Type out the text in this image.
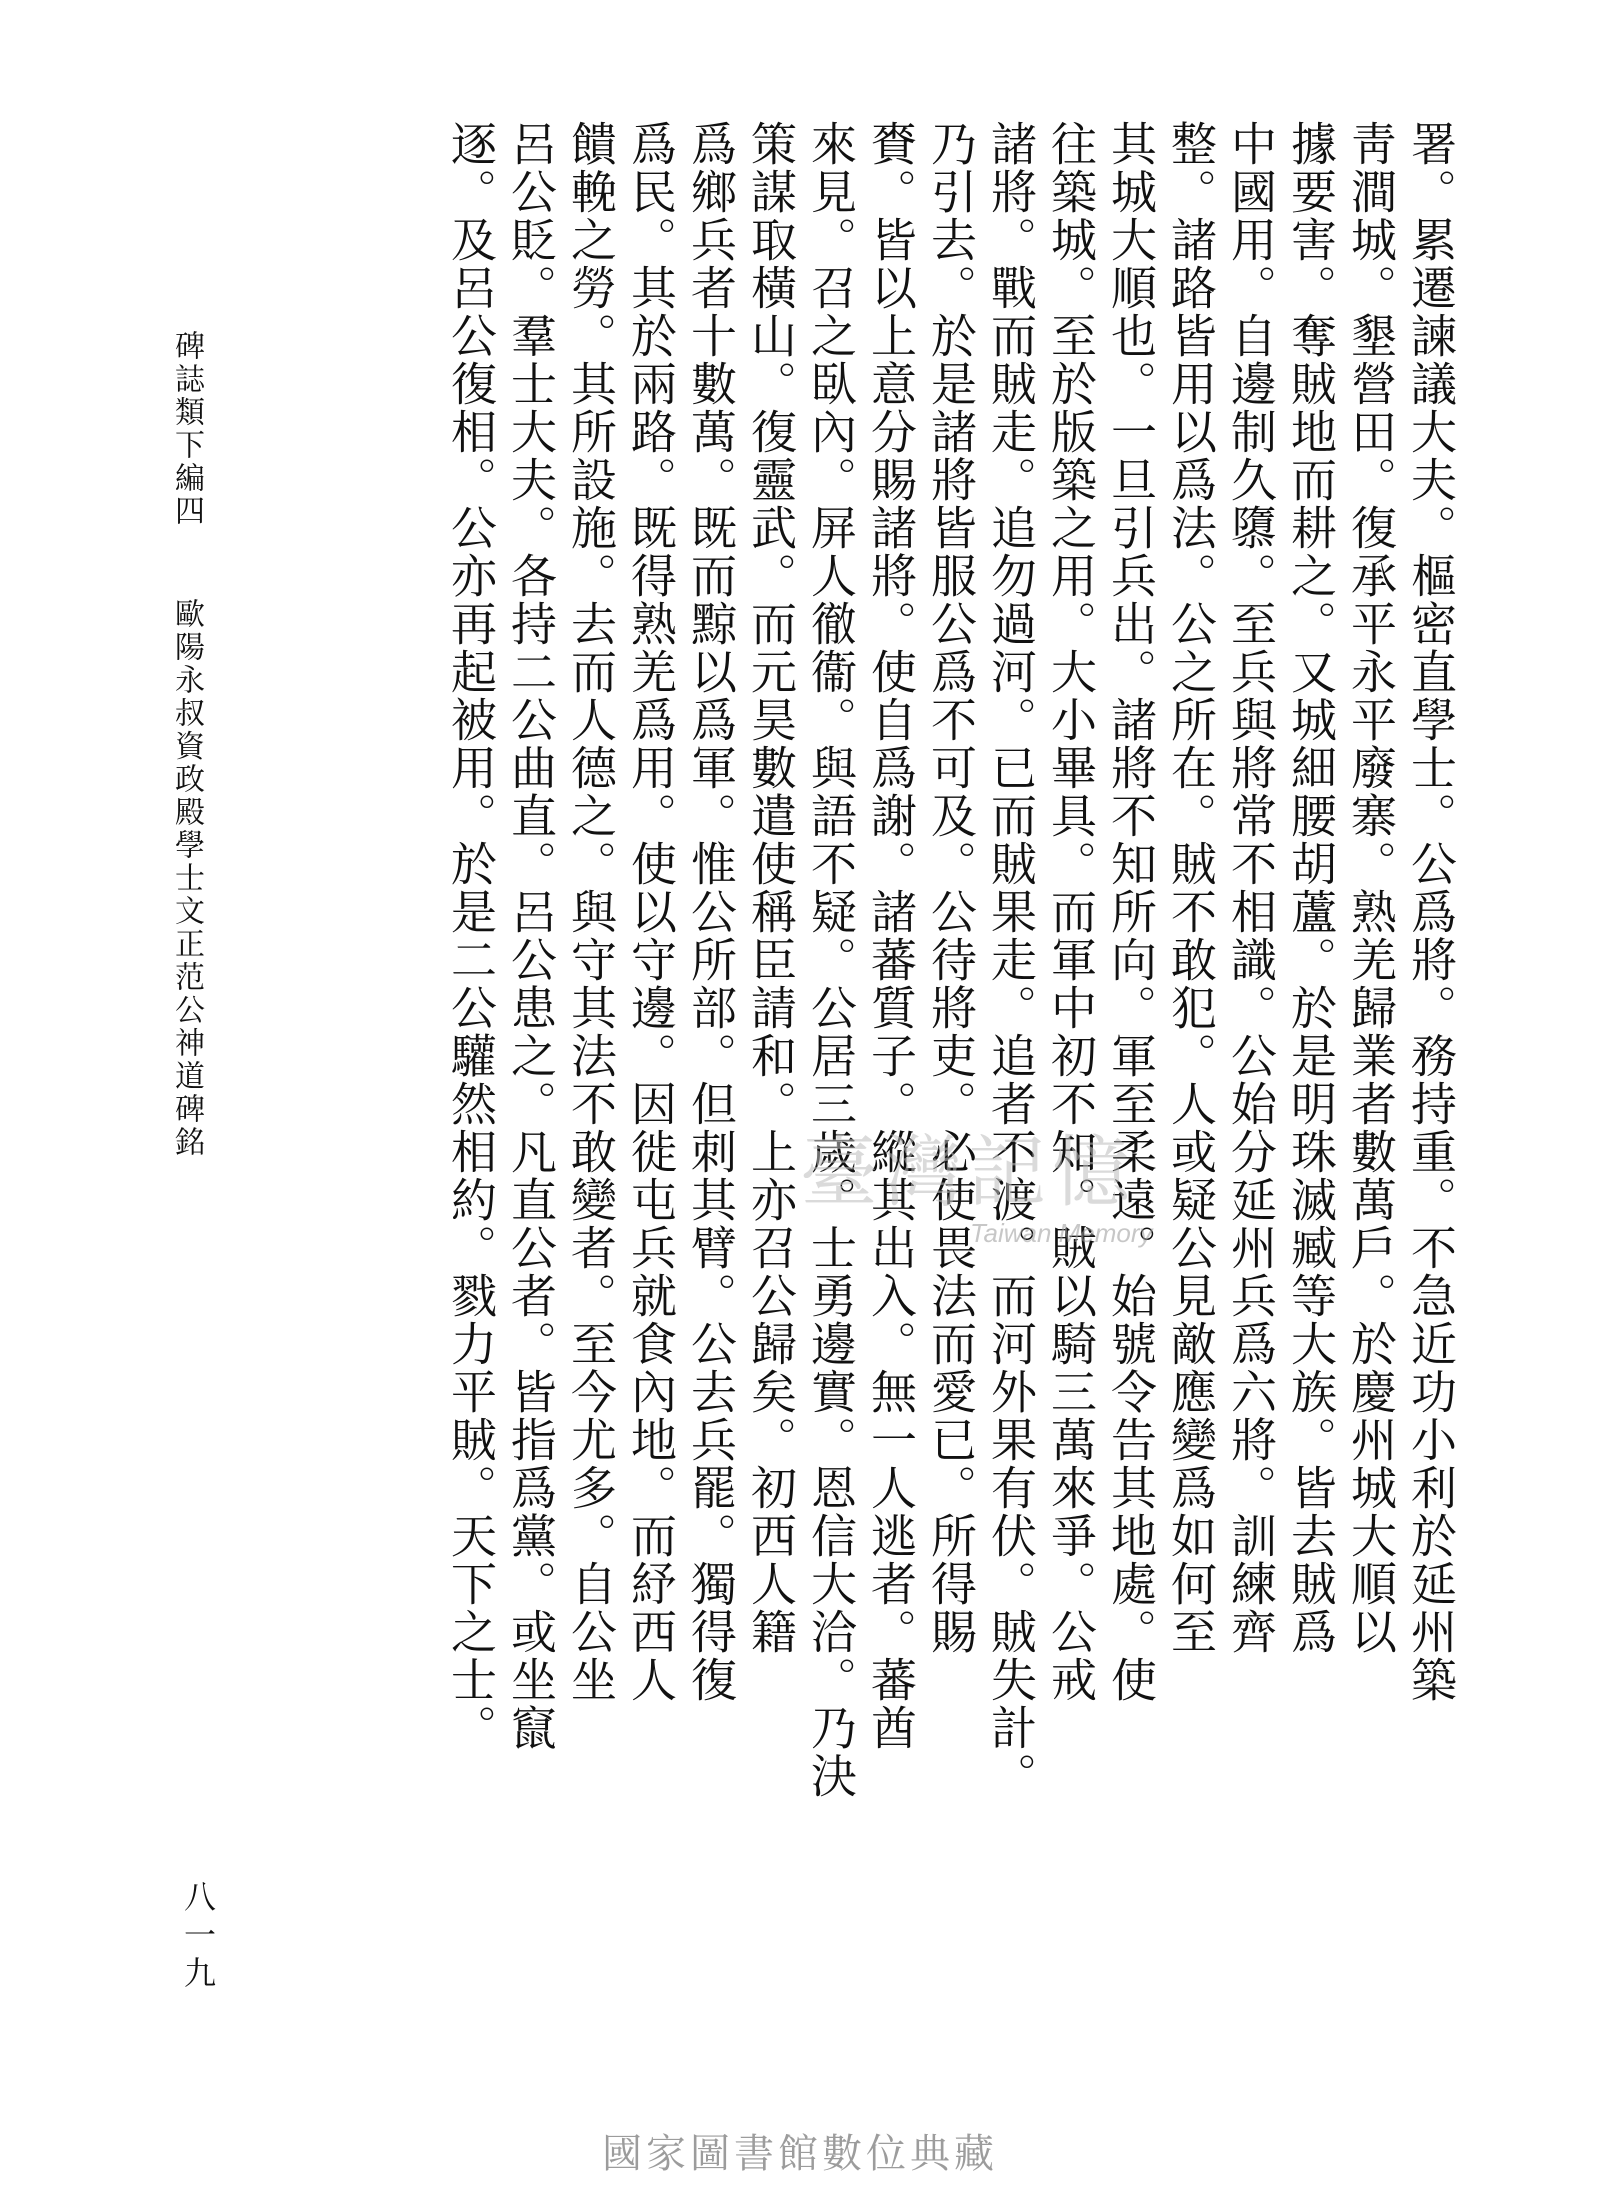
署。累遷諫議大夫。樞密直學士。公爲將。務持重。不急近功小利於延州築
靑澗城。墾營田。復承平永平廢寨。熟羌歸業者數萬戶。於慶州城大順以
據要害。奪賊地而耕之。又城細腰胡蘆。於是明珠滅臧等大族。皆去賊爲
中國用。自邊制久隳。至兵與將常不相識。公始分延州兵爲六將。訓練齊
整。諸路皆用以爲法。公之所在。賊不敢犯。人或疑公見敵應變爲如何至
其城大順也。一旦引兵出。諸將不知所向。軍至柔遠。始號令告其地處。使
往築城。至於版築之用。大小畢具。而軍中初不知。賊以騎三萬來爭。公戒
諸將。戰而賊走。追勿過河。已而賊果走。追者不渡。而河外果有伏。賊失計。
乃引去。於是諸將皆服公爲不可及。公待將吏。必使畏法而愛已。所得賜
賚。皆以上意分賜諸將。使自爲謝。諸蕃質子。縱其出入。無一人逃者。蕃酋
來見。召之臥內。屏人徹衞。與語不疑。公居三歲。士勇邊實。恩信大洽。乃決
策謀取橫山。復靈武。而元昊數遣使稱臣請和。上亦召公歸矣。初西人籍
爲鄉兵者十數萬。既而黥以爲軍。惟公所部。但刺其臂。公去兵罷。獨得復
爲民。其於兩路。既得熟羌爲用。使以守邊。因徙屯兵就食內地。而紓西人
饋輓之勞。其所設施。去而人德之。與守其法不敢變者。至今尤多。自公坐
呂公貶。羣士大夫。各持二公曲直。呂公患之。凡直公者。皆指爲黨。或坐竄
逐。及呂公復相。公亦再起被用。於是二公驩然相約。戮力平賊。天下之士。
碑誌類下編四歐陽永叔資政殿學士文正范公神道碑銘
八一九
臺灣記憶
Taiwan Memory
國家圖書館數位典藏
